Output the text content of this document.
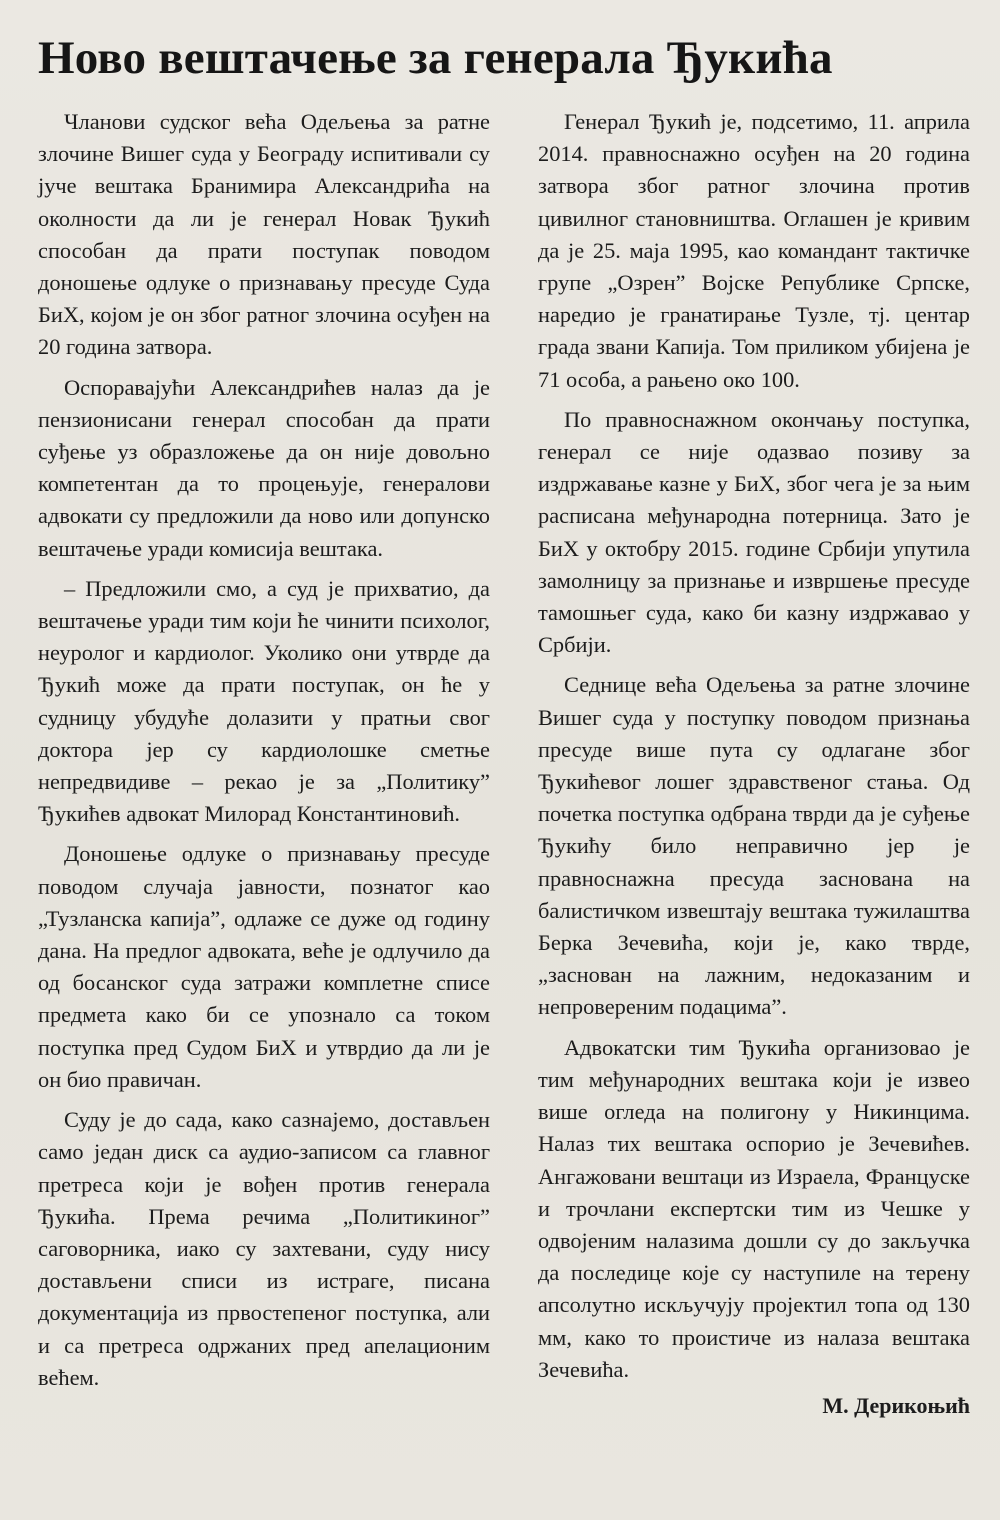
Ново вештачење за генерала Ђукића

Чланови судског већа Одељења за ратне злочине Вишег суда у Београду испитивали су јуче вештака Бранимира Александрића на околности да ли је генерал Новак Ђукић способан да прати поступак поводом доношење одлуке о признавању пресуде Суда БиХ, којом је он због ратног злочина осуђен на 20 година затвора.

Оспоравајући Александрићев налаз да је пензионисани генерал способан да прати суђење уз образложење да он није довољно компетентан да то процењује, генералови адвокати су предложили да ново или допунско вештачење уради комисија вештака.

– Предложили смо, а суд је прихватио, да вештачење уради тим који ће чинити психолог, неуролог и кардиолог. Уколико они утврде да Ђукић може да прати поступак, он ће у судницу убудуће долазити у пратњи свог доктора јер су кардиолошке сметње непредвидиве – рекао је за „Политику” Ђукићев адвокат Милорад Константиновић.

Доношење одлуке о признавању пресуде поводом случаја јавности, познатог као „Тузланска капија”, одлаже се дуже од годину дана. На предлог адвоката, веће је одлучило да од босанског суда затражи комплетне списе предмета како би се упознало са током поступка пред Судом БиХ и утврдио да ли је он био правичан.

Суду је до сада, како сазнајемо, достављен само један диск са аудио-записом са главног претреса који је вођен против генерала Ђукића. Према речима „Политикиног” саговорника, иако су захтевани, суду нису достављени списи из истраге, писана документација из првостепеног поступка, али и са претреса одржаних пред апелационим већем.

Генерал Ђукић је, подсетимо, 11. априла 2014. правноснажно осуђен на 20 година затвора због ратног злочина против цивилног становништва. Оглашен је кривим да је 25. маја 1995, као командант тактичке групе „Озрен” Војске Републике Српске, наредио је гранатирање Тузле, тј. центар града звани Капија. Том приликом убијена је 71 особа, а рањено око 100.

По правноснажном окончању поступка, генерал се није одазвао позиву за издржавање казне у БиХ, због чега је за њим расписана међународна потерница. Зато је БиХ у октобру 2015. године Србији упутила замолницу за признање и извршење пресуде тамошњег суда, како би казну издржавао у Србији.

Седнице већа Одељења за ратне злочине Вишег суда у поступку поводом признања пресуде више пута су одлагане због Ђукићевог лошег здравственог стања. Од почетка поступка одбрана тврди да је суђење Ђукићу било неправично јер је правноснажна пресуда заснована на балистичком извештају вештака тужилаштва Берка Зечевића, који је, како тврде, „заснован на лажним, недоказаним и непровереним подацима”.

Адвокатски тим Ђукића организовао је тим међународних вештака који је извео више огледа на полигону у Никинцима. Налаз тих вештака оспорио је Зечевићев. Ангажовани вештаци из Израела, Француске и трочлани експертски тим из Чешке у одвојеним налазима дошли су до закључка да последице које су наступиле на терену апсолутно искључују пројектил топа од 130 мм, како то проистиче из налаза вештака Зечевића.

М. Дерикоњић
